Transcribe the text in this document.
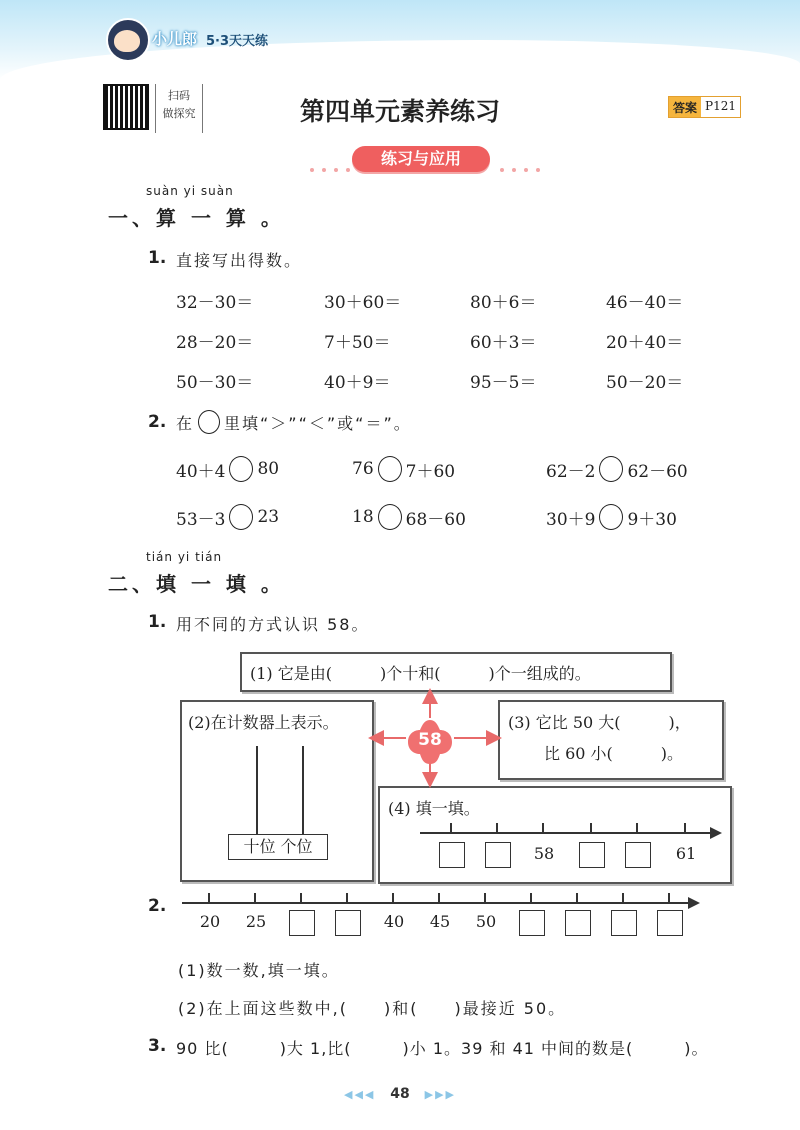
小儿郎 5·3天天练
扫码
做探究	第四单元素养练习	答案 P121
练习与应用
suàn yi suàn
一、算 一 算 。
1. 直接写出得数。
32－30＝	30＋60＝	80＋6＝	46－40＝
28－20＝	7＋50＝	60＋3＝	20＋40＝
50－30＝	40＋9＝	95－5＝	50－20＝
2. 在 里填“＞”“＜”或“＝”。
40＋4 80	76 7＋60	62－2 62－60
53－3 23	18 68－60	30＋9 9＋30
tián yi tián
二、填 一 填 。
1. 用不同的方式认识 58。
(1) 它是由(　　　)个十和(　　　)个一组成的。
(2)在计数器上表示。
十位 个位
(3) 它比 50 大(　　　)，
比 60 小(　　　)。
(4) 填一填。
58
58	61
2.
20 25	40 45 50
(1)数一数,填一填。
(2)在上面这些数中,(　　)和(　　)最接近 50。
3. 90 比(　　　)大 1,比(　　　)小 1。39 和 41 中间的数是(　　　)。
◀◀◀ 48 ▶▶▶
